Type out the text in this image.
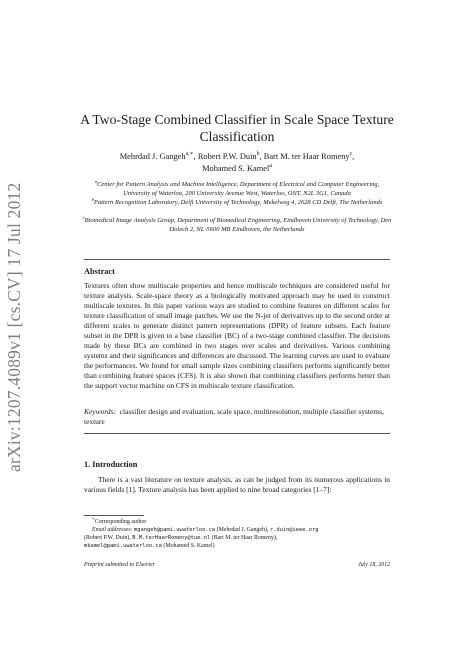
arXiv:1207.4089v1 [cs.CV] 17 Jul 2012
A Two-Stage Combined Classifier in Scale Space Texture Classification
Mehrdad J. Gangeh$^{a,∗}$, Robert P.W. Duin$^b$, Bart M. ter Haar Romeny$^c$,
Mohamed S. Kamel$^a$
$^a$Center for Pattern Analysis and Machine Intelligence, Department of Electrical and Computer Engineering, University of Waterloo, 200 University Avenue West, Waterloo, ONT. N2L 3G1, Canada
$^b$Pattern Recognition Laboratory, Delft University of Technology, Mekelweg 4, 2628 CD Delft, The Netherlands
$^c$Biomedical Image Analysis Group, Department of Biomedical Engineering, Eindhoven University of Technology, Den Dolech 2, NL-5600 MB Eindhoven, the Netherlands
Abstract
Textures often show multiscale properties and hence multiscale techniques are considered useful for texture analysis. Scale-space theory as a biologically motivated approach may be used to construct multiscale textures. In this paper various ways are studied to combine features on different scales for texture classification of small image patches. We use the N-jet of derivatives up to the second order at different scales to generate distinct pattern representations (DPR) of feature subsets. Each feature subset in the DPR is given to a base classifier (BC) of a two-stage combined classifier. The decisions made by these BCs are combined in two stages over scales and derivatives. Various combining systems and their significances and differences are discussed. The learning curves are used to evaluate the performances. We found for small sample sizes combining classifiers performs significantly better than combining feature spaces (CFS). It is also shown that combining classifiers performs better than the support vector machine on CFS in multiscale texture classification.
Keywords: classifier design and evaluation, scale space, multiresolution, multiple classifier systems, texture
1. Introduction
There is a vast literature on texture analysis, as can be judged from its numerous applications in various fields [1]. Texture analysis has been applied to nine broad categories [1–7]:
∗Corresponding author
Email addresses: mgangeh@pami.uwaterloo.ca (Mehrdad J. Gangeh), r.duin@ieee.org
(Robert P.W. Duin), B.M.terHaarRomeny@tue.nl (Bart M. ter Haar Romeny),
mkamel@pami.uwaterloo.ca (Mohamed S. Kamel)
Preprint submitted to Elsevier	July 18, 2012
